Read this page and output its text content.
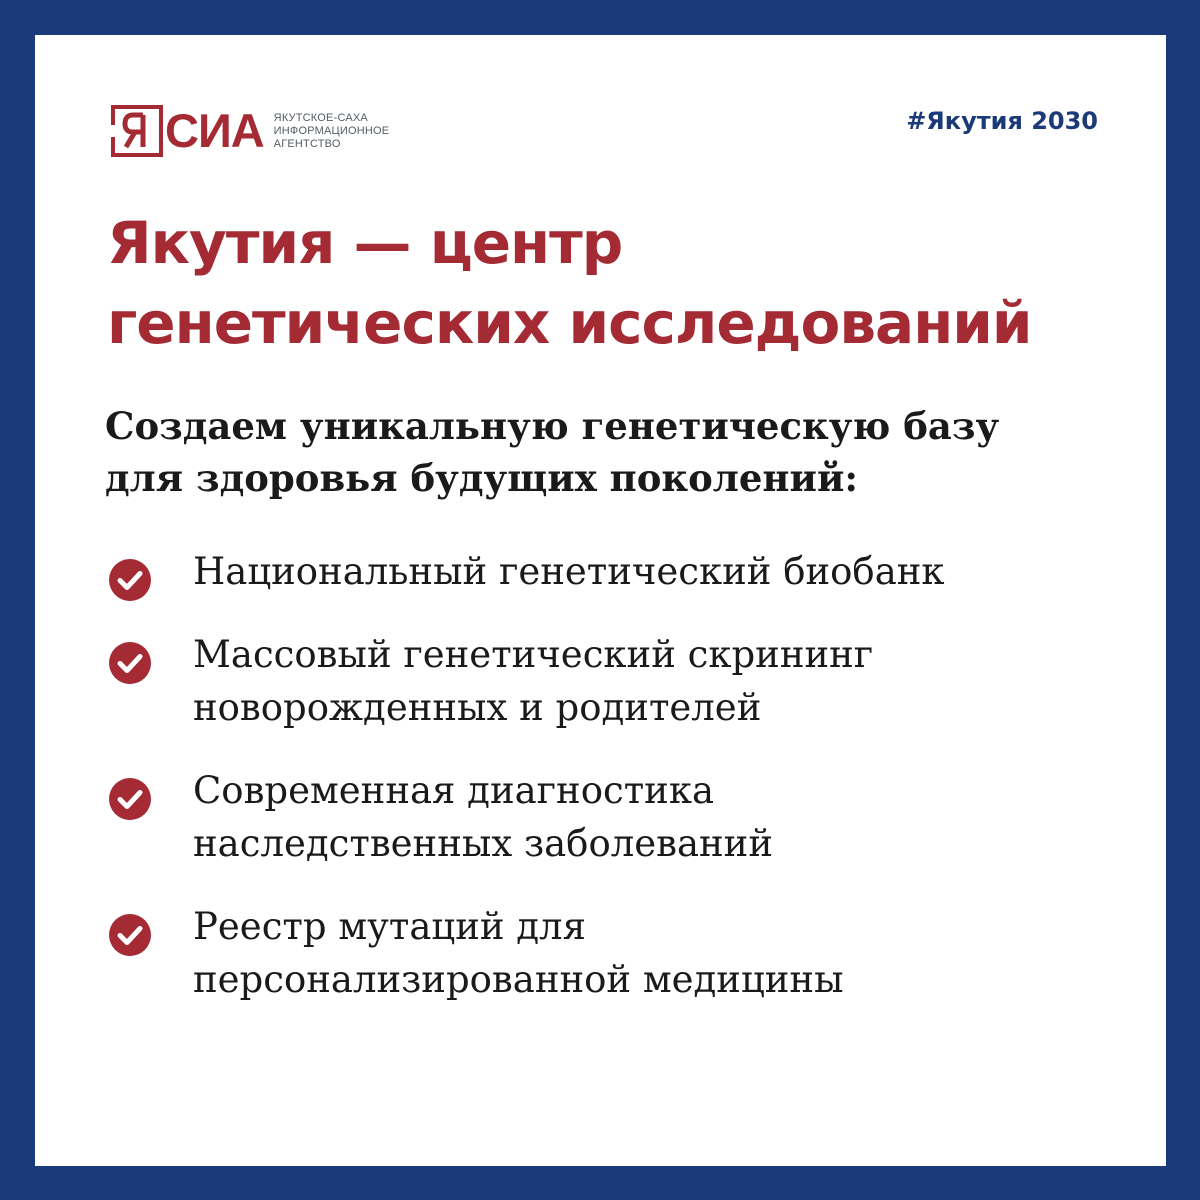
СИА ЯКУТСКОЕ-САХА
ИНФОРМАЦИОННОЕ
АГЕНТСТВО
#Якутия 2030
Якутия — центр
генетических исследований

Создаем уникальную генетическую базу
для здоровья будущих поколений:

Национальный генетический биобанк
Массовый генетический скрининг
новорожденных и родителей
Современная диагностика
наследственных заболеваний
Реестр мутаций для
персонализированной медицины
